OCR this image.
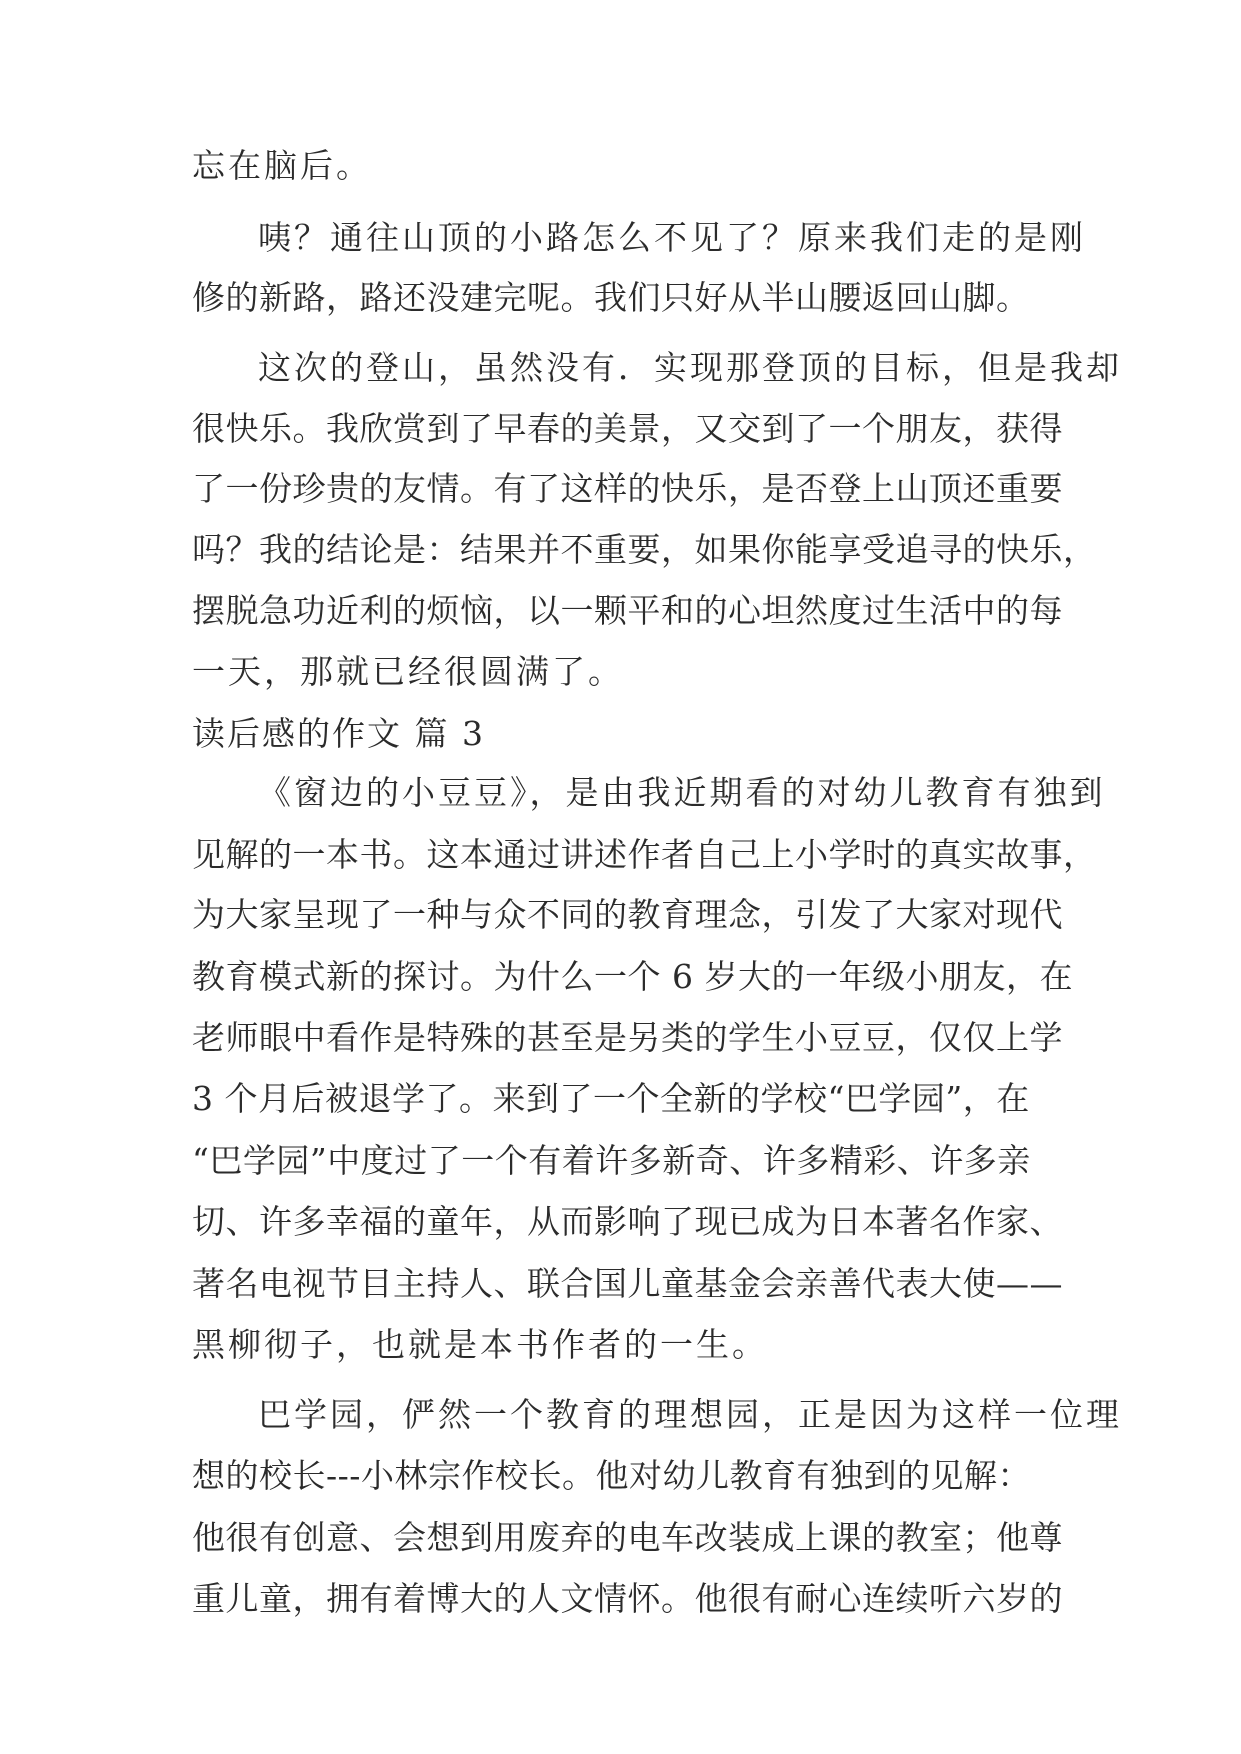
忘在脑后。
咦？通往山顶的小路怎么不见了？原来我们走的是刚
修的新路，路还没建完呢。我们只好从半山腰返回山脚。
这次的登山，虽然没有．实现那登顶的目标，但是我却
很快乐。我欣赏到了早春的美景，又交到了一个朋友，获得
了一份珍贵的友情。有了这样的快乐，是否登上山顶还重要
吗？我的结论是：结果并不重要，如果你能享受追寻的快乐，
摆脱急功近利的烦恼，以一颗平和的心坦然度过生活中的每
一天，那就已经很圆满了。
读后感的作文 篇 3
《窗边的小豆豆》，是由我近期看的对幼儿教育有独到
见解的一本书。这本通过讲述作者自己上小学时的真实故事，
为大家呈现了一种与众不同的教育理念，引发了大家对现代
教育模式新的探讨。为什么一个 6 岁大的一年级小朋友，在
老师眼中看作是特殊的甚至是另类的学生小豆豆，仅仅上学
3 个月后被退学了。来到了一个全新的学校“巴学园”，在
“巴学园”中度过了一个有着许多新奇、许多精彩、许多亲
切、许多幸福的童年，从而影响了现已成为日本著名作家、
著名电视节目主持人、联合国儿童基金会亲善代表大使——
黑柳彻子，也就是本书作者的一生。
巴学园，俨然一个教育的理想园，正是因为这样一位理
想的校长---小林宗作校长。他对幼儿教育有独到的见解：
他很有创意、会想到用废弃的电车改装成上课的教室；他尊
重儿童，拥有着博大的人文情怀。他很有耐心连续听六岁的
